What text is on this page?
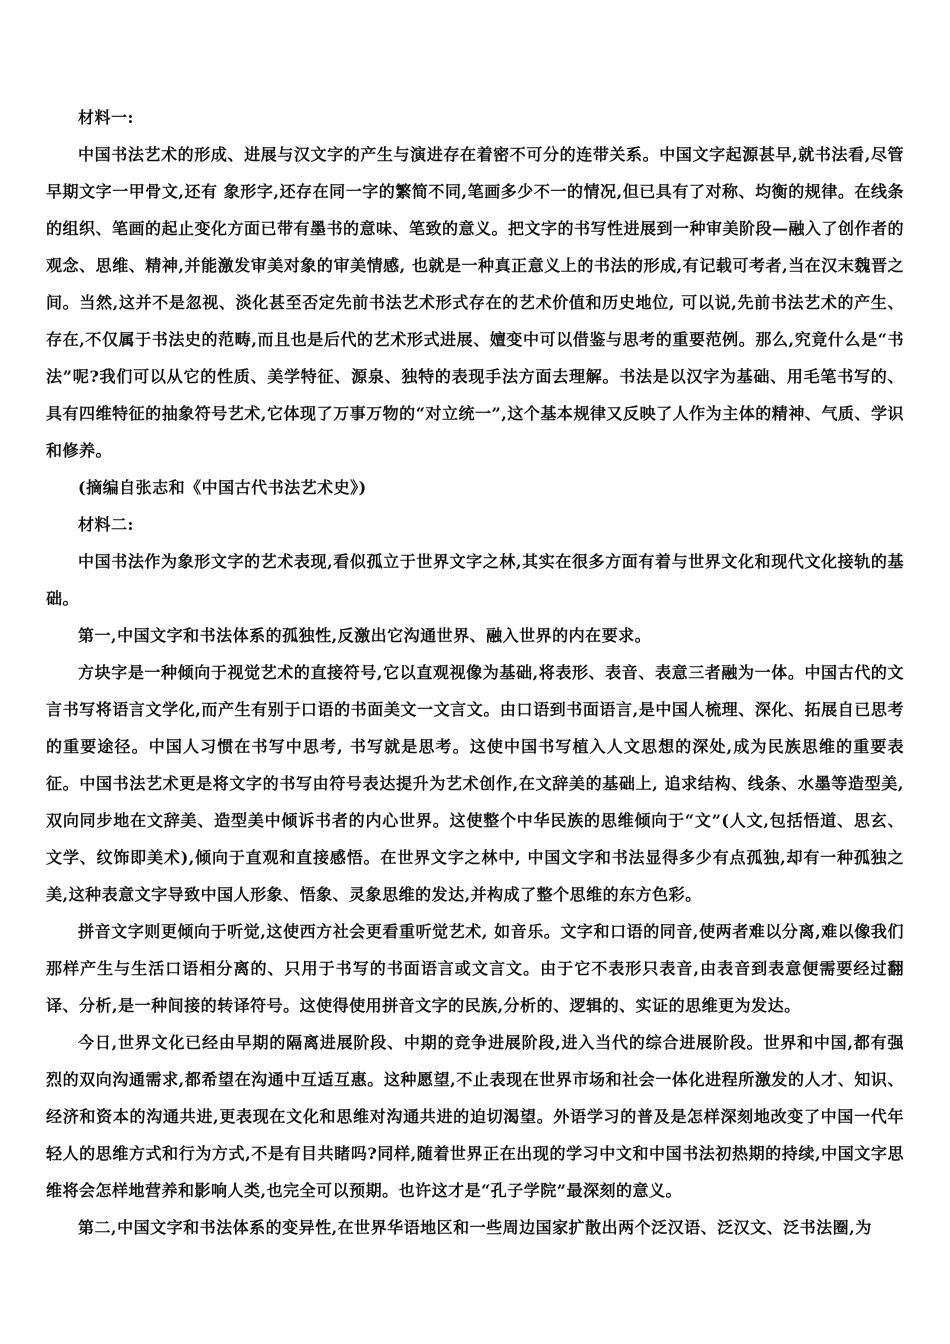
材料一:

中国书法艺术的形成、进展与汉文字的产生与演进存在着密不可分的连带关系。中国文字起源甚早,就书法看,尽管早期文字一甲骨文,还有 象形字,还存在同一字的繁简不同,笔画多少不一的情况,但已具有了对称、均衡的规律。在线条的组织、笔画的起止变化方面已带有墨书的意味、笔致的意义。把文字的书写性进展到一种审美阶段—融入了创作者的观念、思维、精神,并能激发审美对象的审美情感, 也就是一种真正意义上的书法的形成,有记载可考者,当在汉末魏晋之间。当然,这并不是忽视、淡化甚至否定先前书法艺术形式存在的艺术价值和历史地位, 可以说,先前书法艺术的产生、存在,不仅属于书法史的范畴,而且也是后代的艺术形式进展、嬗变中可以借鉴与思考的重要范例。那么,究竟什么是“书法”呢?我们可以从它的性质、美学特征、源泉、独特的表现手法方面去理解。书法是以汉字为基础、用毛笔书写的、具有四维特征的抽象符号艺术,它体现了万事万物的“对立统一”,这个基本规律又反映了人作为主体的精神、气质、学识和修养。

(摘编自张志和《中国古代书法艺术史》)

材料二:

中国书法作为象形文字的艺术表现,看似孤立于世界文字之林,其实在很多方面有着与世界文化和现代文化接轨的基础。

第一,中国文字和书法体系的孤独性,反激出它沟通世界、融入世界的内在要求。

方块字是一种倾向于视觉艺术的直接符号,它以直观视像为基础,将表形、表音、表意三者融为一体。中国古代的文言书写将语言文学化,而产生有别于口语的书面美文一文言文。由口语到书面语言,是中国人梳理、深化、拓展自已思考的重要途径。中国人习惯在书写中思考, 书写就是思考。这使中国书写植入人文思想的深处,成为民族思维的重要表征。中国书法艺术更是将文字的书写由符号表达提升为艺术创作,在文辞美的基础上, 追求结构、线条、水墨等造型美,双向同步地在文辞美、造型美中倾诉书者的内心世界。这使整个中华民族的思维倾向于“文”(人文,包括悟道、思玄、文学、纹饰即美术),倾向于直观和直接感悟。在世界文字之林中, 中国文字和书法显得多少有点孤独,却有一种孤独之美,这种表意文字导致中国人形象、悟象、灵象思维的发达,并构成了整个思维的东方色彩。

拼音文字则更倾向于听觉,这使西方社会更看重听觉艺术, 如音乐。文字和口语的同音,使两者难以分离,难以像我们那样产生与生活口语相分离的、只用于书写的书面语言或文言文。由于它不表形只表音,由表音到表意便需要经过翻译、分析,是一种间接的转译符号。这使得使用拼音文字的民族,分析的、逻辑的、实证的思维更为发达。

今日,世界文化已经由早期的隔离进展阶段、中期的竞争进展阶段,进入当代的综合进展阶段。世界和中国,都有强烈的双向沟通需求,都希望在沟通中互适互惠。这种愿望,不止表现在世界市场和社会一体化进程所激发的人才、知识、经济和资本的沟通共进,更表现在文化和思维对沟通共进的迫切渴望。外语学习的普及是怎样深刻地改变了中国一代年轻人的思维方式和行为方式,不是有目共睹吗?同样,随着世界正在出现的学习中文和中国书法初热期的持续,中国文字思维将会怎样地营养和影响人类,也完全可以预期。也许这才是“孔子学院”最深刻的意义。

第二,中国文字和书法体系的变异性,在世界华语地区和一些周边国家扩散出两个泛汉语、泛汉文、泛书法圈,为
